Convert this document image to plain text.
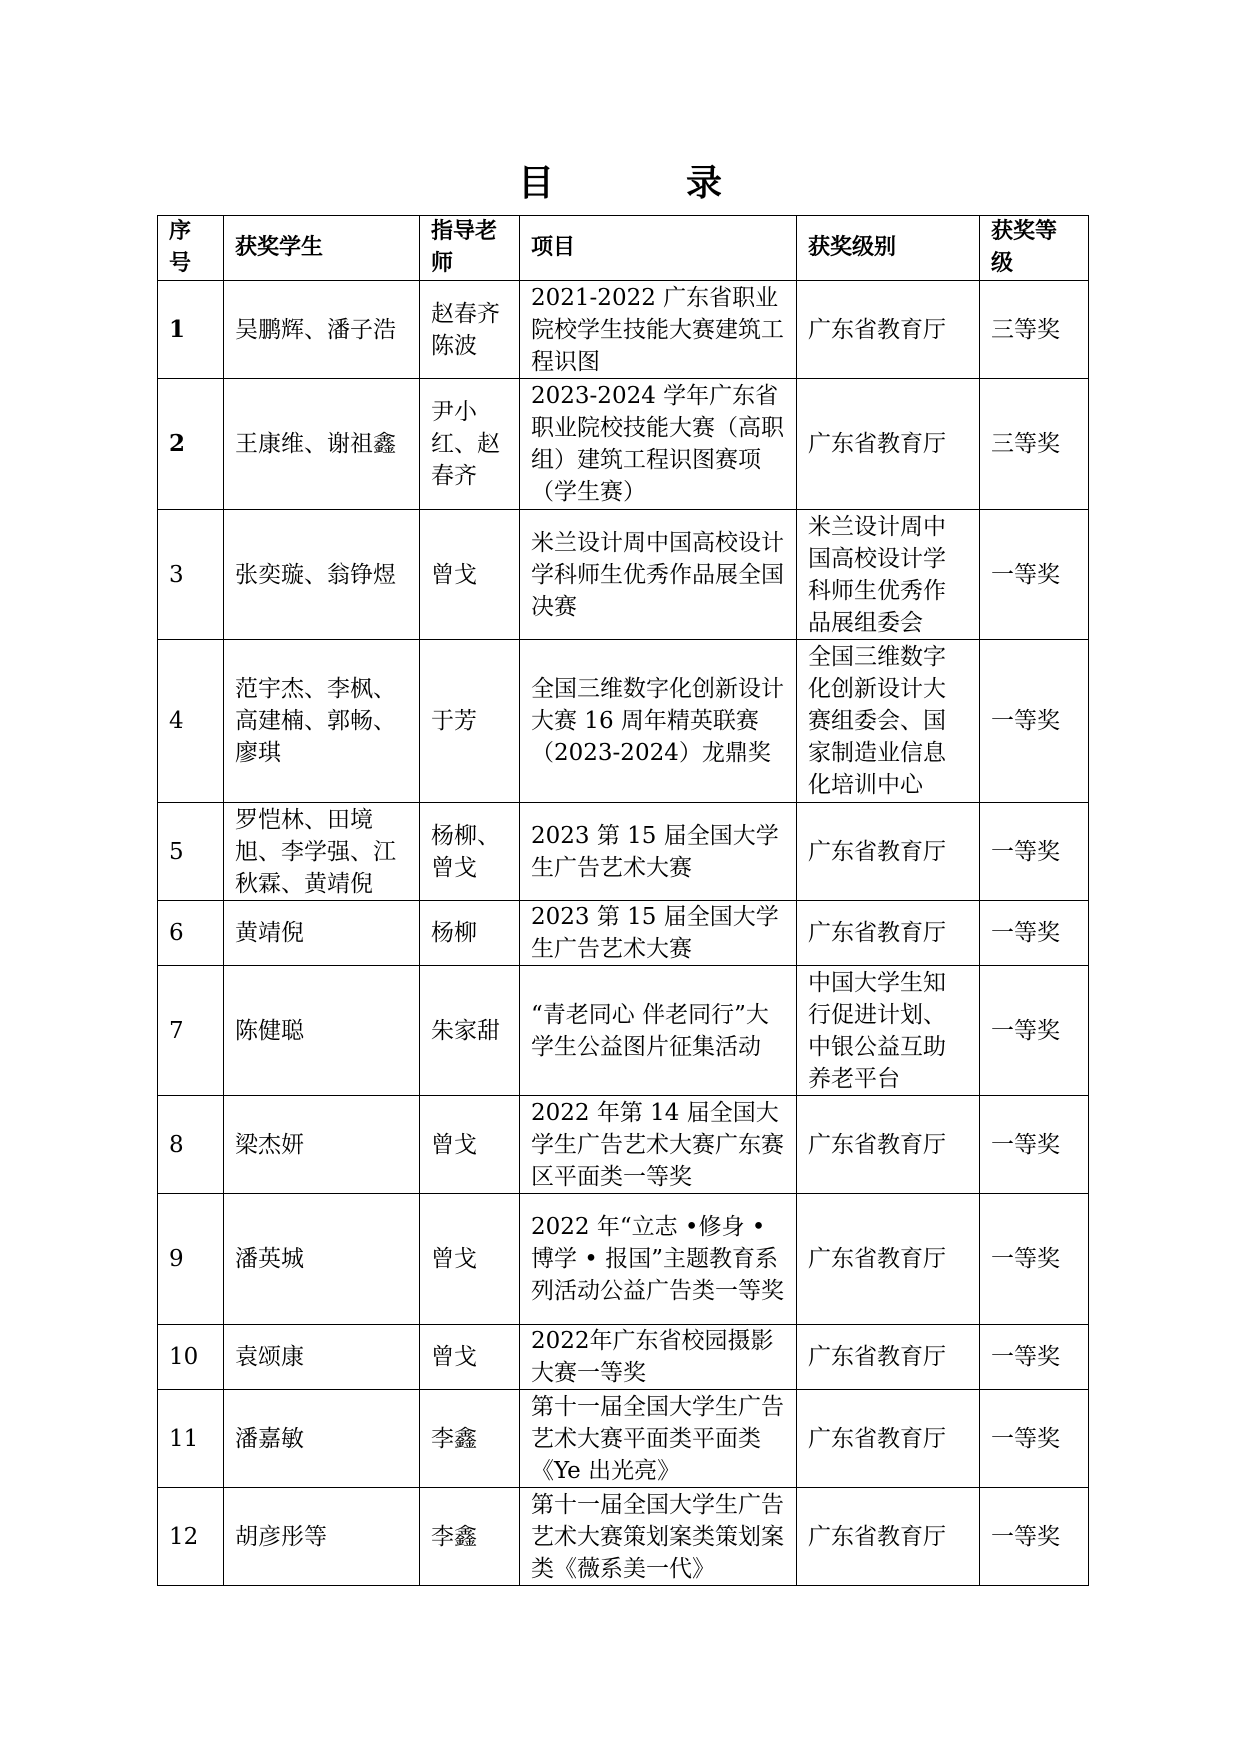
目　录
序号	获奖学生	指导老师	项目	获奖级别	获奖等级
1	吴鹏辉、潘子浩	赵春齐陈波	2021-2022 广东省职业院校学生技能大赛建筑工程识图	广东省教育厅	三等奖
2	王康维、谢祖鑫	尹小红、赵春齐	2023-2024 学年广东省职业院校技能大赛（高职组）建筑工程识图赛项（学生赛）	广东省教育厅	三等奖
3	张奕璇、翁铮煜	曾戈	米兰设计周中国高校设计学科师生优秀作品展全国决赛	米兰设计周中国高校设计学科师生优秀作品展组委会	一等奖
4	范宇杰、李枫、高建楠、郭畅、廖琪	于芳	全国三维数字化创新设计大赛 16 周年精英联赛（2023-2024）龙鼎奖	全国三维数字化创新设计大赛组委会、国家制造业信息化培训中心	一等奖
5	罗恺林、田境旭、李学强、江秋霖、黄靖倪	杨柳、曾戈	2023 第 15 届全国大学生广告艺术大赛	广东省教育厅	一等奖
6	黄靖倪	杨柳	2023 第 15 届全国大学生广告艺术大赛	广东省教育厅	一等奖
7	陈健聪	朱家甜	“青老同心 伴老同行”大学生公益图片征集活动	中国大学生知行促进计划、中银公益互助养老平台	一等奖
8	梁杰妍	曾戈	2022 年第 14 届全国大学生广告艺术大赛广东赛区平面类一等奖	广东省教育厅	一等奖
9	潘英城	曾戈	2022 年“立志 •修身 •博学 • 报国”主题教育系列活动公益广告类一等奖	广东省教育厅	一等奖
10	袁颂康	曾戈	2022年广东省校园摄影大赛一等奖	广东省教育厅	一等奖
11	潘嘉敏	李鑫	第十一届全国大学生广告艺术大赛平面类平面类《Ye 出光亮》	广东省教育厅	一等奖
12	胡彦彤等	李鑫	第十一届全国大学生广告艺术大赛策划案类策划案类《薇系美一代》	广东省教育厅	一等奖
